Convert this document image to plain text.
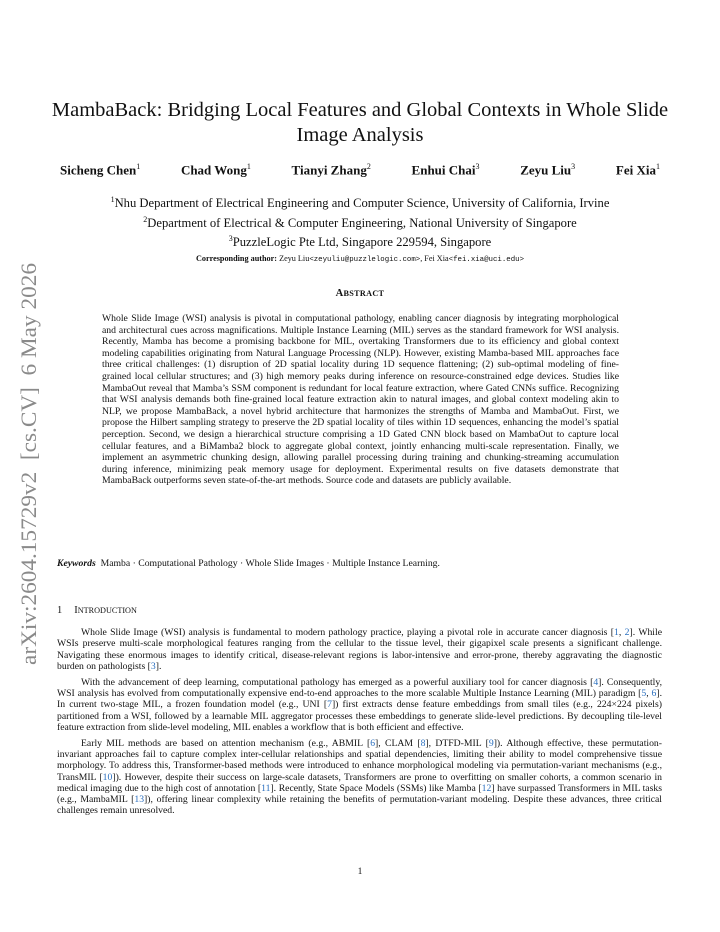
arXiv:2604.15729v2  [cs.CV]  6 May 2026
MambaBack: Bridging Local Features and Global Contexts in Whole Slide Image Analysis
Sicheng Chen$^1$	Chad Wong$^1$	Tianyi Zhang$^2$	Enhui Chai$^3$	Zeyu Liu$^3$	Fei Xia$^1$
$^1$Nhu Department of Electrical Engineering and Computer Science, University of California, Irvine
$^2$Department of Electrical & Computer Engineering, National University of Singapore
$^3$PuzzleLogic Pte Ltd, Singapore 229594, Singapore
Corresponding author: Zeyu Liu<zeyuliu@puzzlelogic.com>, Fei Xia<fei.xia@uci.edu>
ABSTRACT
Whole Slide Image (WSI) analysis is pivotal in computational pathology, enabling cancer diagnosis by integrating morphological and architectural cues across magnifications. Multiple Instance Learning (MIL) serves as the standard framework for WSI analysis. Recently, Mamba has become a promising backbone for MIL, overtaking Transformers due to its efficiency and global context modeling capabilities originating from Natural Language Processing (NLP). However, existing Mamba-based MIL approaches face three critical challenges: (1) disruption of 2D spatial locality during 1D sequence flattening; (2) sub-optimal modeling of fine-grained local cellular structures; and (3) high memory peaks during inference on resource-constrained edge devices. Studies like MambaOut reveal that Mamba’s SSM component is redundant for local feature extraction, where Gated CNNs suffice. Recognizing that WSI analysis demands both fine-grained local feature extraction akin to natural images, and global context modeling akin to NLP, we propose MambaBack, a novel hybrid architecture that harmonizes the strengths of Mamba and MambaOut. First, we propose the Hilbert sampling strategy to preserve the 2D spatial locality of tiles within 1D sequences, enhancing the model’s spatial perception. Second, we design a hierarchical structure comprising a 1D Gated CNN block based on MambaOut to capture local cellular features, and a BiMamba2 block to aggregate global context, jointly enhancing multi-scale representation. Finally, we implement an asymmetric chunking design, allowing parallel processing during training and chunking-streaming accumulation during inference, minimizing peak memory usage for deployment. Experimental results on five datasets demonstrate that MambaBack outperforms seven state-of-the-art methods. Source code and datasets are publicly available.
Keywords Mamba · Computational Pathology · Whole Slide Images · Multiple Instance Learning.
1 INTRODUCTION

Whole Slide Image (WSI) analysis is fundamental to modern pathology practice, playing a pivotal role in accurate cancer diagnosis [1, 2]. While WSIs preserve multi-scale morphological features ranging from the cellular to the tissue level, their gigapixel scale presents a significant challenge. Navigating these enormous images to identify critical, disease-relevant regions is labor-intensive and error-prone, thereby aggravating the diagnostic burden on pathologists [3].

With the advancement of deep learning, computational pathology has emerged as a powerful auxiliary tool for cancer diagnosis [4]. Consequently, WSI analysis has evolved from computationally expensive end-to-end approaches to the more scalable Multiple Instance Learning (MIL) paradigm [5, 6]. In current two-stage MIL, a frozen foundation model (e.g., UNI [7]) first extracts dense feature embeddings from small tiles (e.g., 224×224 pixels) partitioned from a WSI, followed by a learnable MIL aggregator processes these embeddings to generate slide-level predictions. By decoupling tile-level feature extraction from slide-level modeling, MIL enables a workflow that is both efficient and effective.

Early MIL methods are based on attention mechanism (e.g., ABMIL [6], CLAM [8], DTFD-MIL [9]). Although effective, these permutation-invariant approaches fail to capture complex inter-cellular relationships and spatial dependencies, limiting their ability to model comprehensive tissue morphology. To address this, Transformer-based methods were introduced to enhance morphological modeling via permutation-variant mechanisms (e.g., TransMIL [10]). However, despite their success on large-scale datasets, Transformers are prone to overfitting on smaller cohorts, a common scenario in medical imaging due to the high cost of annotation [11]. Recently, State Space Models (SSMs) like Mamba [12] have surpassed Transformers in MIL tasks (e.g., MambaMIL [13]), offering linear complexity while retaining the benefits of permutation-variant modeling. Despite these advances, three critical challenges remain unresolved.

1
